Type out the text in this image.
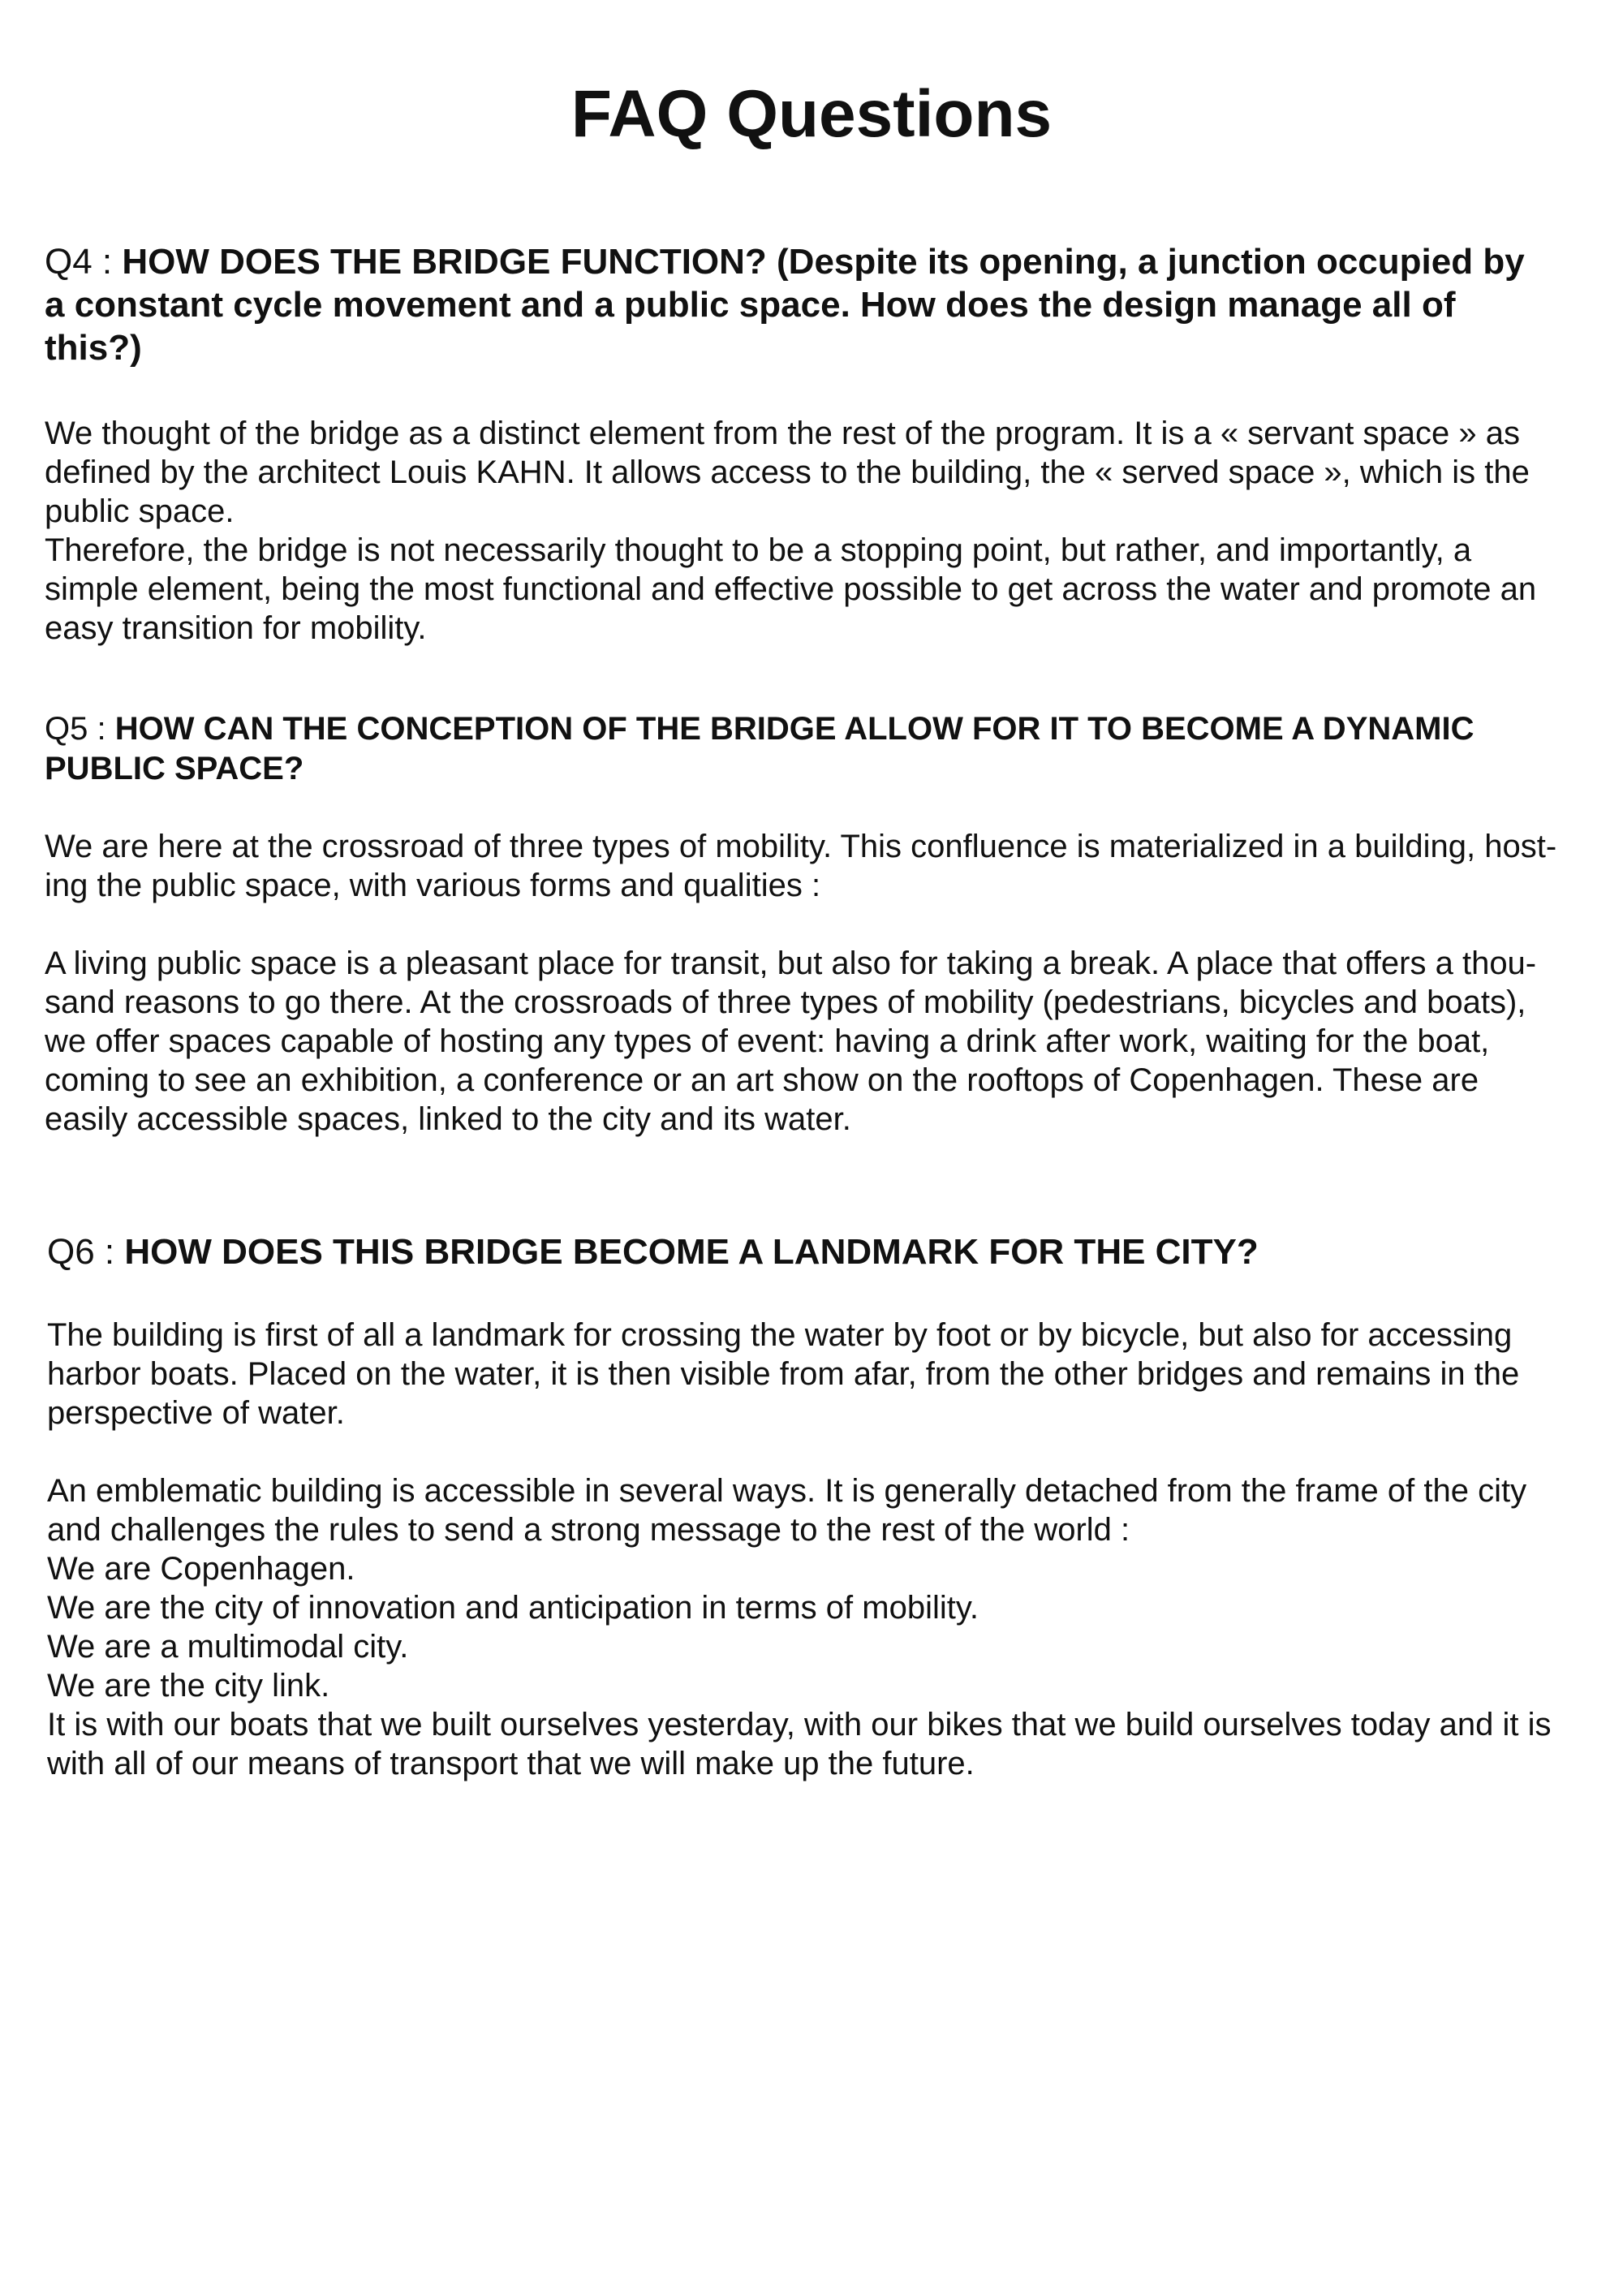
FAQ Questions
Q4 : HOW DOES THE BRIDGE FUNCTION? (Despite its opening, a junction occupied by
a constant cycle movement and a public space. How does the design manage all of
this?)

We thought of the bridge as a distinct element from the rest of the program. It is a « servant space » as
defined by the architect Louis KAHN. It allows access to the building, the « served space », which is the
public space.
Therefore, the bridge is not necessarily thought to be a stopping point, but rather, and importantly, a
simple element, being the most functional and effective possible to get across the water and promote an
easy transition for mobility.

Q5 : HOW CAN THE CONCEPTION OF THE BRIDGE ALLOW FOR IT TO BECOME A DYNAMIC
PUBLIC SPACE?

We are here at the crossroad of three types of mobility. This confluence is materialized in a building, host-
ing the public space, with various forms and qualities :

A living public space is a pleasant place for transit, but also for taking a break. A place that offers a thou-
sand reasons to go there. At the crossroads of three types of mobility (pedestrians, bicycles and boats),
we offer spaces capable of hosting any types of event: having a drink after work, waiting for the boat,
coming to see an exhibition, a conference or an art show on the rooftops of Copenhagen. These are
easily accessible spaces, linked to the city and its water.

Q6 : HOW DOES THIS BRIDGE BECOME A LANDMARK FOR THE CITY?

The building is first of all a landmark for crossing the water by foot or by bicycle, but also for accessing
harbor boats. Placed on the water, it is then visible from afar, from the other bridges and remains in the
perspective of water.

An emblematic building is accessible in several ways. It is generally detached from the frame of the city
and challenges the rules to send a strong message to the rest of the world :
We are Copenhagen.
We are the city of innovation and anticipation in terms of mobility.
We are a multimodal city.
We are the city link.
It is with our boats that we built ourselves yesterday, with our bikes that we build ourselves today and it is
with all of our means of transport that we will make up the future.
